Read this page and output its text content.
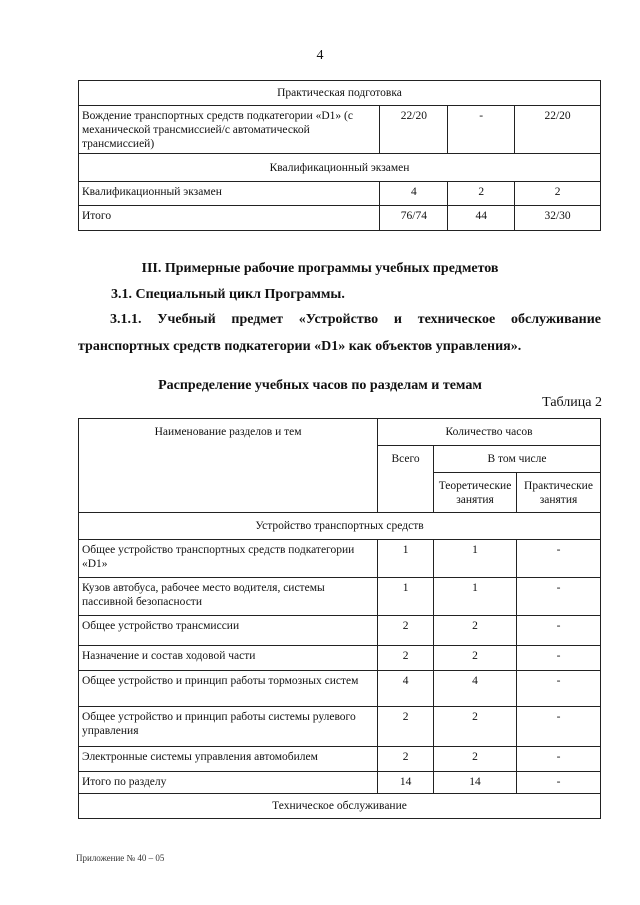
4
Практическая подготовка			
Вождение транспортных средств подкатегории «D1» (с механической трансмиссией/с автоматической трансмиссией)	22/20	-	22/20
Квалификационный экзамен			
Квалификационный экзамен	4	2	2
Итого	76/74	44	32/30
III. Примерные рабочие программы учебных предметов
3.1. Специальный цикл Программы.
3.1.1. Учебный предмет «Устройство и техническое обслуживание транспортных средств подкатегории «D1» как объектов управления».
Распределение учебных часов по разделам и темам
Таблица 2
Наименование разделов и тем	Количество часов		
	Всего	В том числе	
		Теоретические занятия	Практические занятия
Устройство транспортных средств			
Общее устройство транспортных средств подкатегории «D1»	1	1	-
Кузов автобуса, рабочее место водителя, системы пассивной безопасности	1	1	-
Общее устройство трансмиссии	2	2	-
Назначение и состав ходовой части	2	2	-
Общее устройство и принцип работы тормозных систем	4	4	-
Общее устройство и принцип работы системы рулевого управления	2	2	-
Электронные системы управления автомобилем	2	2	-
Итого по разделу	14	14	-
Техническое обслуживание			
Приложение № 40 – 05
